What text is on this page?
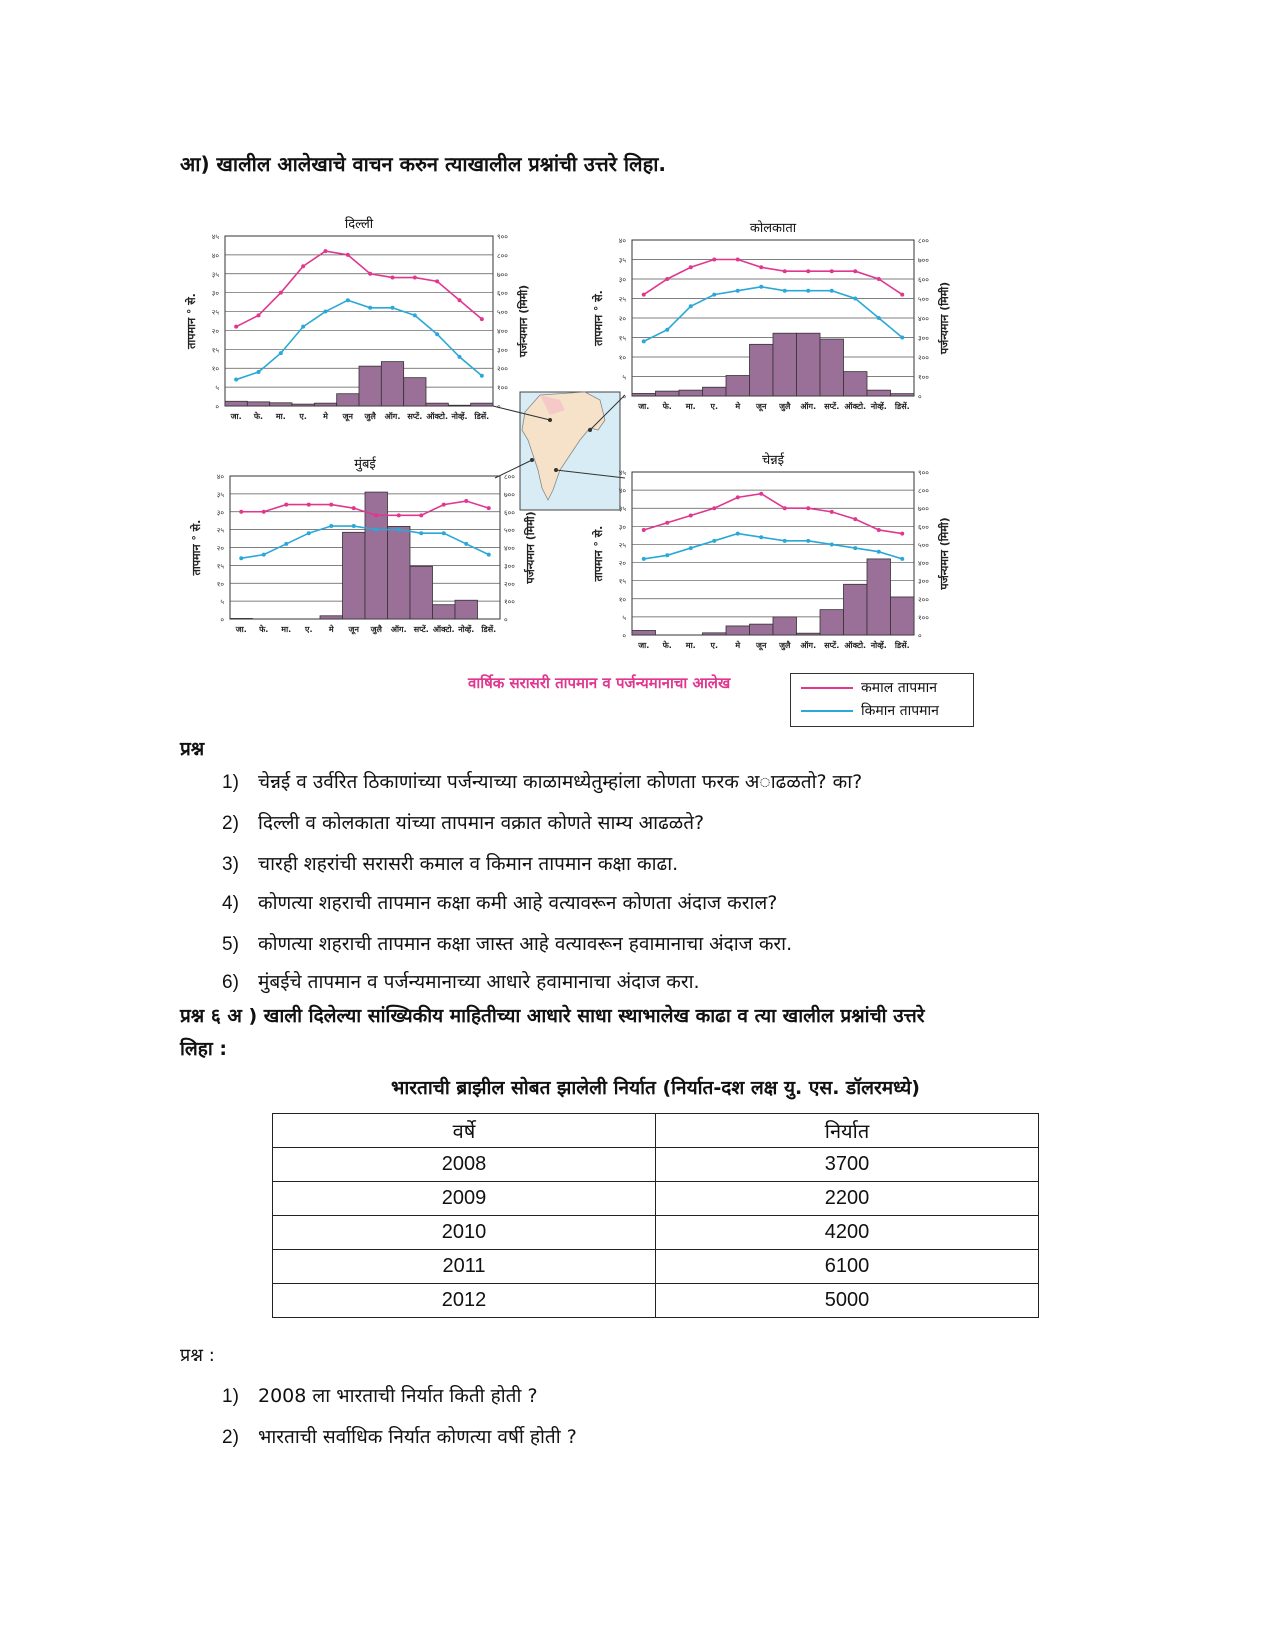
आ) खालील आलेखाचे वाचन करुन त्याखालील प्रश्नांची उत्तरे लिहा.
०	०
५	१००
१०	२००
१५	३००
२०	४००
२५	५००
३०	६००
३५	७००
४०	८००
४५	९००
जा. फे. मा. ए. मे जून जुलै ऑग. सप्टें. ऑक्टो. नोव्हें. डिसें.
दिल्ली
तापमान ° से.	पर्जन्यमान (मिमी)
०	०
५	१००
१०	२००
१५	३००
२०	४००
२५	५००
३०	६००
३५	७००
४०	८००
जा. फे. मा. ए. मे जून जुलै ऑग. सप्टें. ऑक्टो. नोव्हें. डिसें.
कोलकाता
तापमान ° से.	पर्जन्यमान (मिमी)
०	०
५	१००
१०	२००
१५	३००
२०	४००
२५	५००
३०	६००
३५	७००
४०	८००
जा. फे. मा. ए. मे जून जुलै ऑग. सप्टें. ऑक्टो. नोव्हें. डिसें.
मुंबई
तापमान ° से.	पर्जन्यमान (मिमी)
०	०
५	१००
१०	२००
१५	३००
२०	४००
२५	५००
३०	६००
३५	७००
४०	८००
४५	९००
जा. फे. मा. ए. मे जून जुलै ऑग. सप्टें. ऑक्टो. नोव्हें. डिसें.
चेन्नई
तापमान ° से.	पर्जन्यमान (मिमी)
वार्षिक सरासरी तापमान व पर्जन्यमानाचा आलेख	कमाल तापमान
किमान तापमान
प्रश्न
1) चेन्नई व उर्वरित ठिकाणांच्या पर्जन्याच्या काळामध्येतुम्हांला कोणता फरक अाढळतो? का?
2) दिल्ली व कोलकाता यांच्या तापमान वक्रात कोणते साम्य आढळते?
3) चारही शहरांची सरासरी कमाल व किमान तापमान कक्षा काढा.
4) कोणत्या शहराची तापमान कक्षा कमी आहे वत्यावरून कोणता अंदाज कराल?
5) कोणत्या शहराची तापमान कक्षा जास्त आहे वत्यावरून हवामानाचा अंदाज करा.
6) मुंबईचे तापमान व पर्जन्यमानाच्या आधारे हवामानाचा अंदाज करा.
प्रश्न ६ अ ) खाली दिलेल्या सांख्यिकीय माहितीच्या आधारे साधा स्थाभालेख काढा व त्या खालील प्रश्नांची उत्तरे
लिहा :
भारताची ब्राझील सोबत झालेली निर्यात (निर्यात-दश लक्ष यु. एस. डॉलरमध्ये)
वर्षे	निर्यात
2008	3700
2009	2200
2010	4200
2011	6100
2012	5000
प्रश्न :
1) 2008 ला भारताची निर्यात किती होती ?
2) भारताची सर्वाधिक निर्यात कोणत्या वर्षी होती ?
